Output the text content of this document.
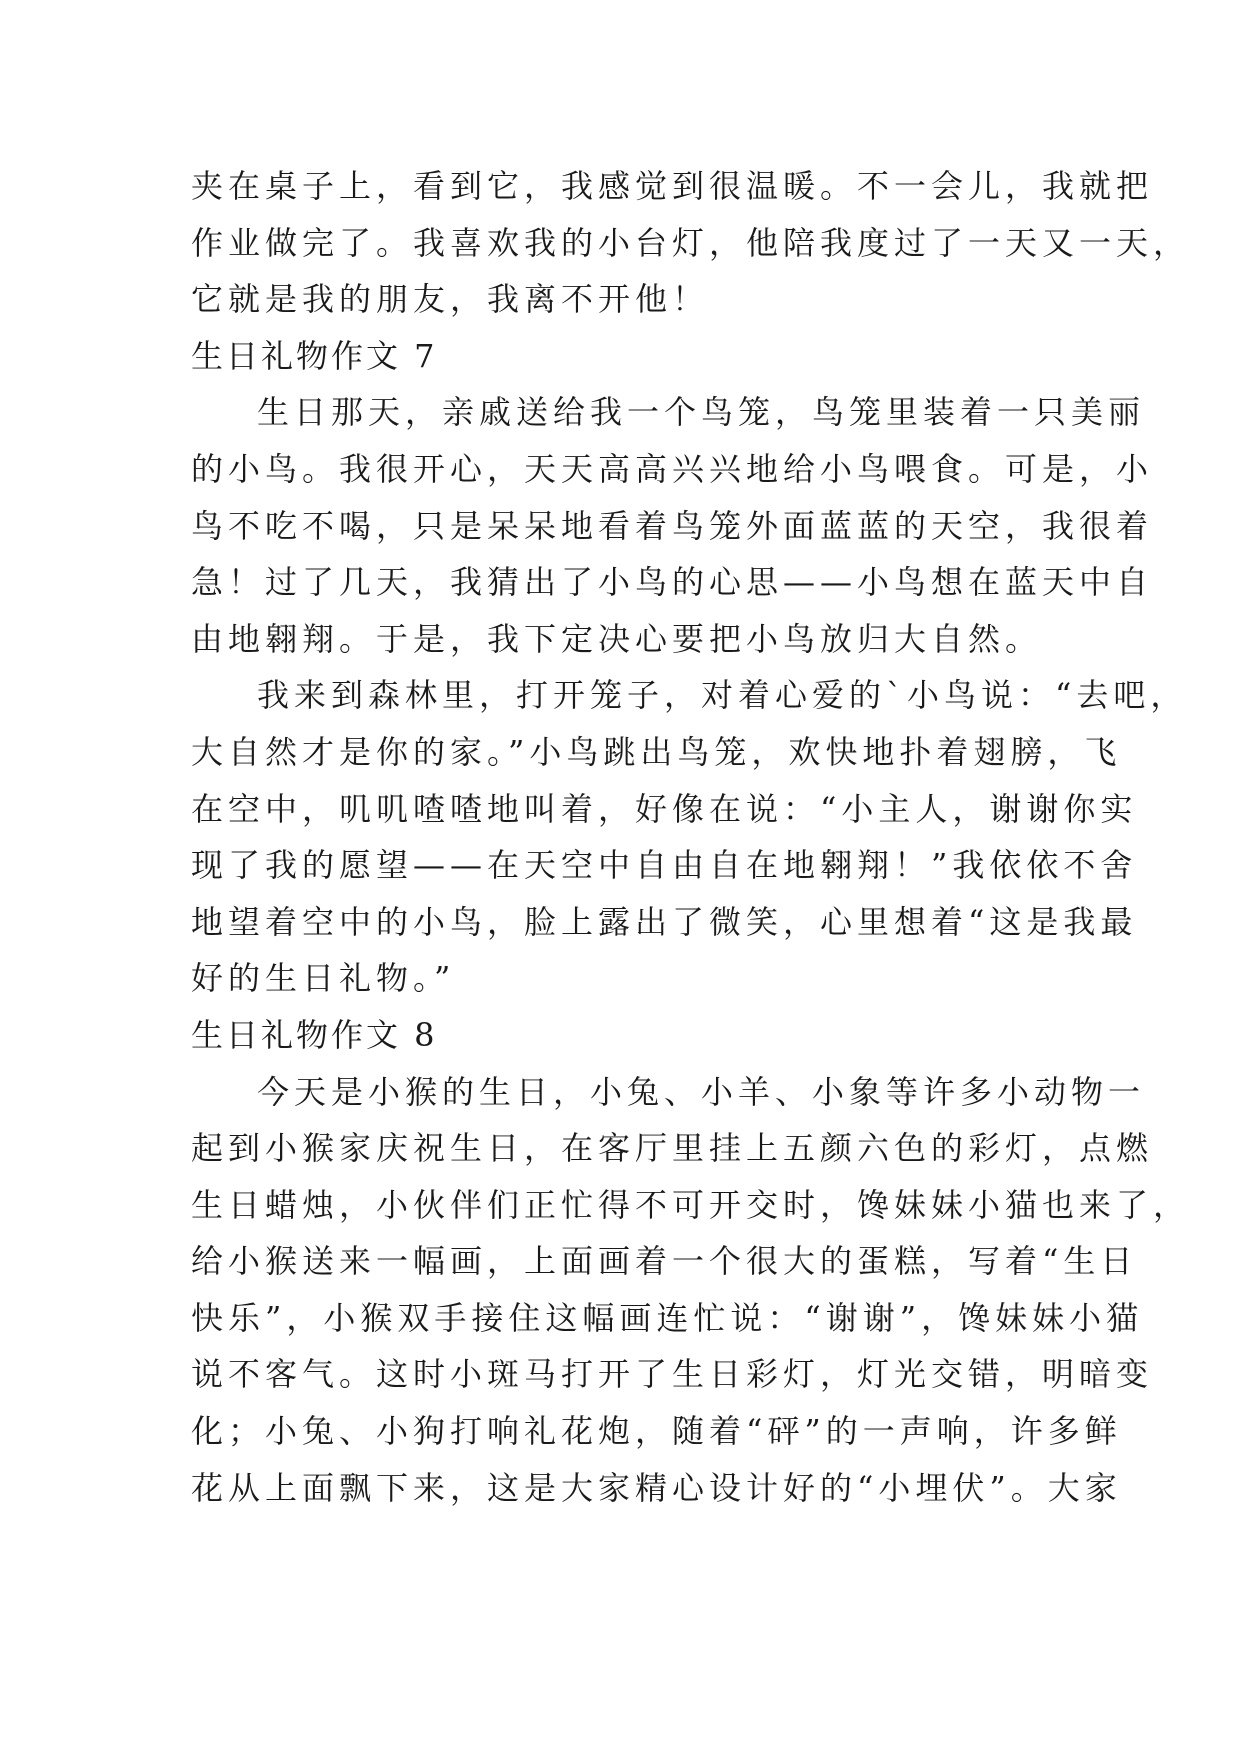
夹在桌子上，看到它，我感觉到很温暖。不一会儿，我就把
作业做完了。我喜欢我的小台灯，他陪我度过了一天又一天，
它就是我的朋友，我离不开他！
生日礼物作文 7
生日那天，亲戚送给我一个鸟笼，鸟笼里装着一只美丽
的小鸟。我很开心，天天高高兴兴地给小鸟喂食。可是，小
鸟不吃不喝，只是呆呆地看着鸟笼外面蓝蓝的天空，我很着
急！过了几天，我猜出了小鸟的心思——小鸟想在蓝天中自
由地翱翔。于是，我下定决心要把小鸟放归大自然。
我来到森林里，打开笼子，对着心爱的`小鸟说：“去吧，
大自然才是你的家。”小鸟跳出鸟笼，欢快地扑着翅膀，飞
在空中，叽叽喳喳地叫着，好像在说：“小主人，谢谢你实
现了我的愿望——在天空中自由自在地翱翔！”我依依不舍
地望着空中的小鸟，脸上露出了微笑，心里想着“这是我最
好的生日礼物。”
生日礼物作文 8
今天是小猴的生日，小兔、小羊、小象等许多小动物一
起到小猴家庆祝生日，在客厅里挂上五颜六色的彩灯，点燃
生日蜡烛，小伙伴们正忙得不可开交时，馋妹妹小猫也来了，
给小猴送来一幅画，上面画着一个很大的蛋糕，写着“生日
快乐”，小猴双手接住这幅画连忙说：“谢谢”，馋妹妹小猫
说不客气。这时小斑马打开了生日彩灯，灯光交错，明暗变
化；小兔、小狗打响礼花炮，随着“砰”的一声响，许多鲜
花从上面飘下来，这是大家精心设计好的“小埋伏”。大家
